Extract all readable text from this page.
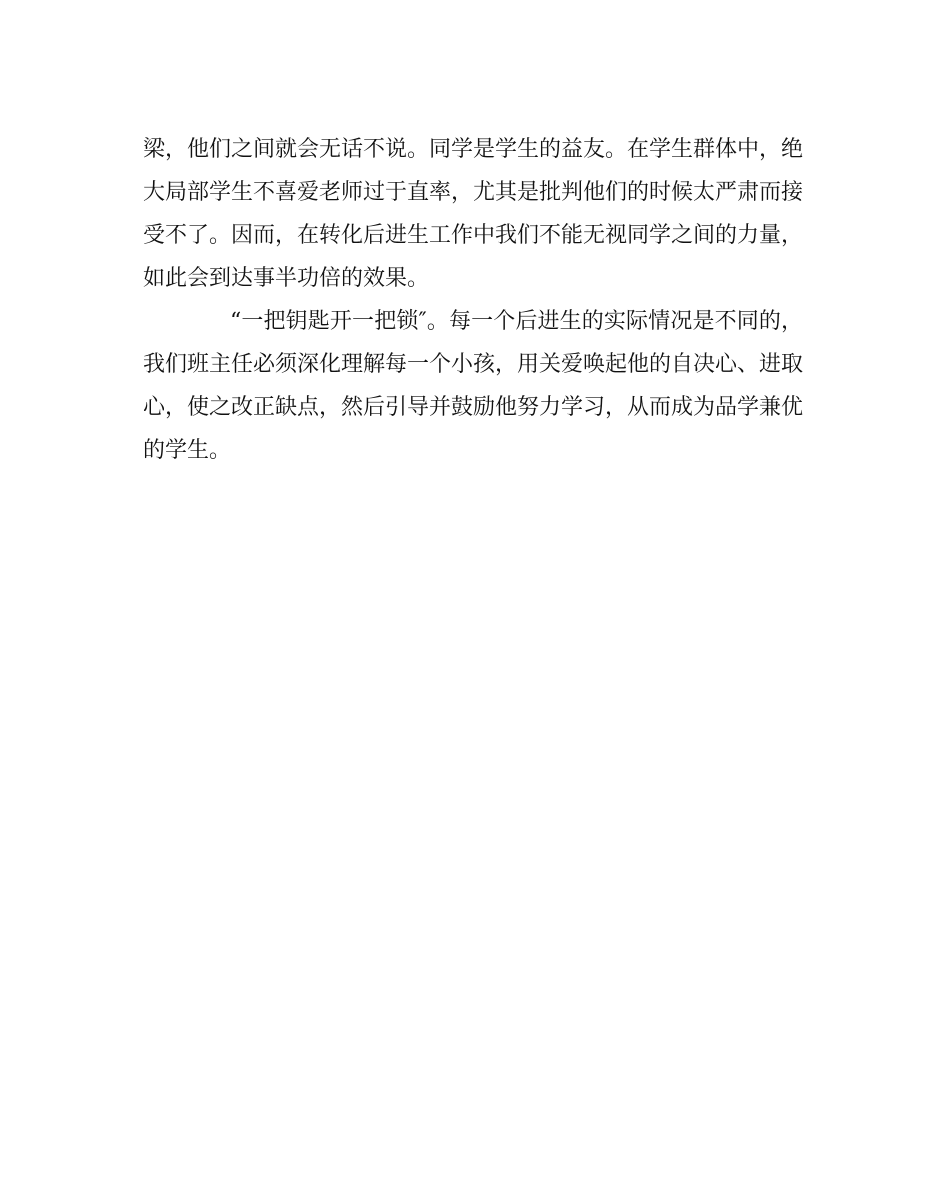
梁，他们之间就会无话不说。同学是学生的益友。在学生群体中，绝
大局部学生不喜爱老师过于直率，尤其是批判他们的时候太严肃而接
受不了。因而，在转化后进生工作中我们不能无视同学之间的力量，
如此会到达事半功倍的效果。
“一把钥匙开一把锁″。每一个后进生的实际情况是不同的，
我们班主任必须深化理解每一个小孩，用关爱唤起他的自决心、进取
心，使之改正缺点，然后引导并鼓励他努力学习，从而成为品学兼优
的学生。
